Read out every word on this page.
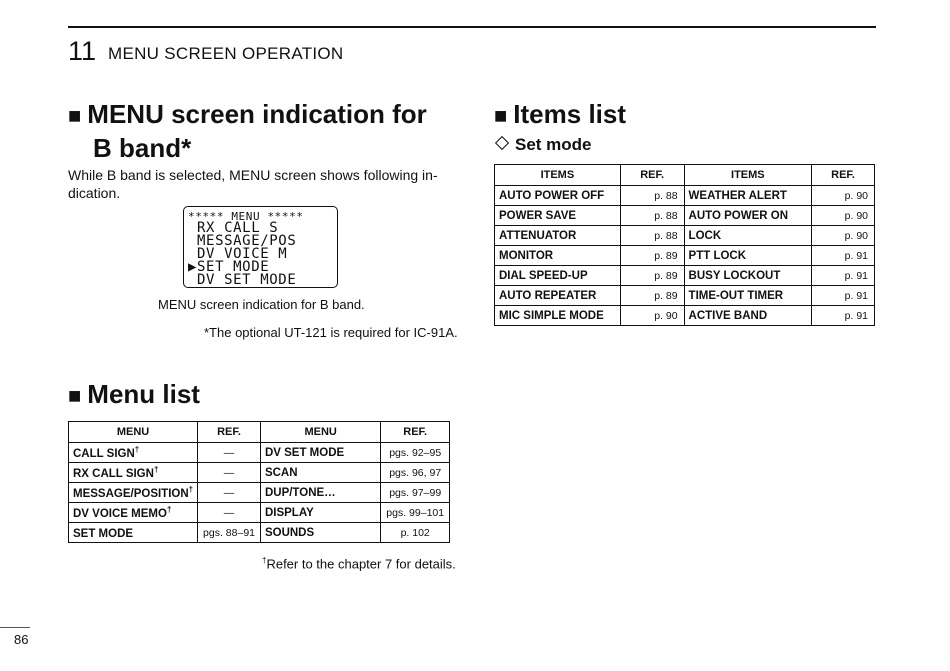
11 MENU SCREEN OPERATION
■ MENU screen indication for
B band*
While B band is selected, MENU screen shows following in-
dication.
***** MENU *****
RX CALL S
MESSAGE/POS
DV VOICE M
▶SET MODE
DV SET MODE
MENU screen indication for B band.
*The optional UT-121 is required for IC-91A.
■ Menu list
MENU	REF.	MENU	REF.
CALL SIGN†	—	DV SET MODE	pgs. 92–95
RX CALL SIGN†	—	SCAN	pgs. 96, 97
MESSAGE/POSITION†	—	DUP/TONE…	pgs. 97–99
DV VOICE MEMO†	—	DISPLAY	pgs. 99–101
SET MODE	pgs. 88–91	SOUNDS	p. 102
†Refer to the chapter 7 for details.
■ Items list
Set mode
ITEMS	REF.	ITEMS	REF.
AUTO POWER OFF	p. 88	WEATHER ALERT	p. 90
POWER SAVE	p. 88	AUTO POWER ON	p. 90
ATTENUATOR	p. 88	LOCK	p. 90
MONITOR	p. 89	PTT LOCK	p. 91
DIAL SPEED-UP	p. 89	BUSY LOCKOUT	p. 91
AUTO REPEATER	p. 89	TIME-OUT TIMER	p. 91
MIC SIMPLE MODE	p. 90	ACTIVE BAND	p. 91
86
